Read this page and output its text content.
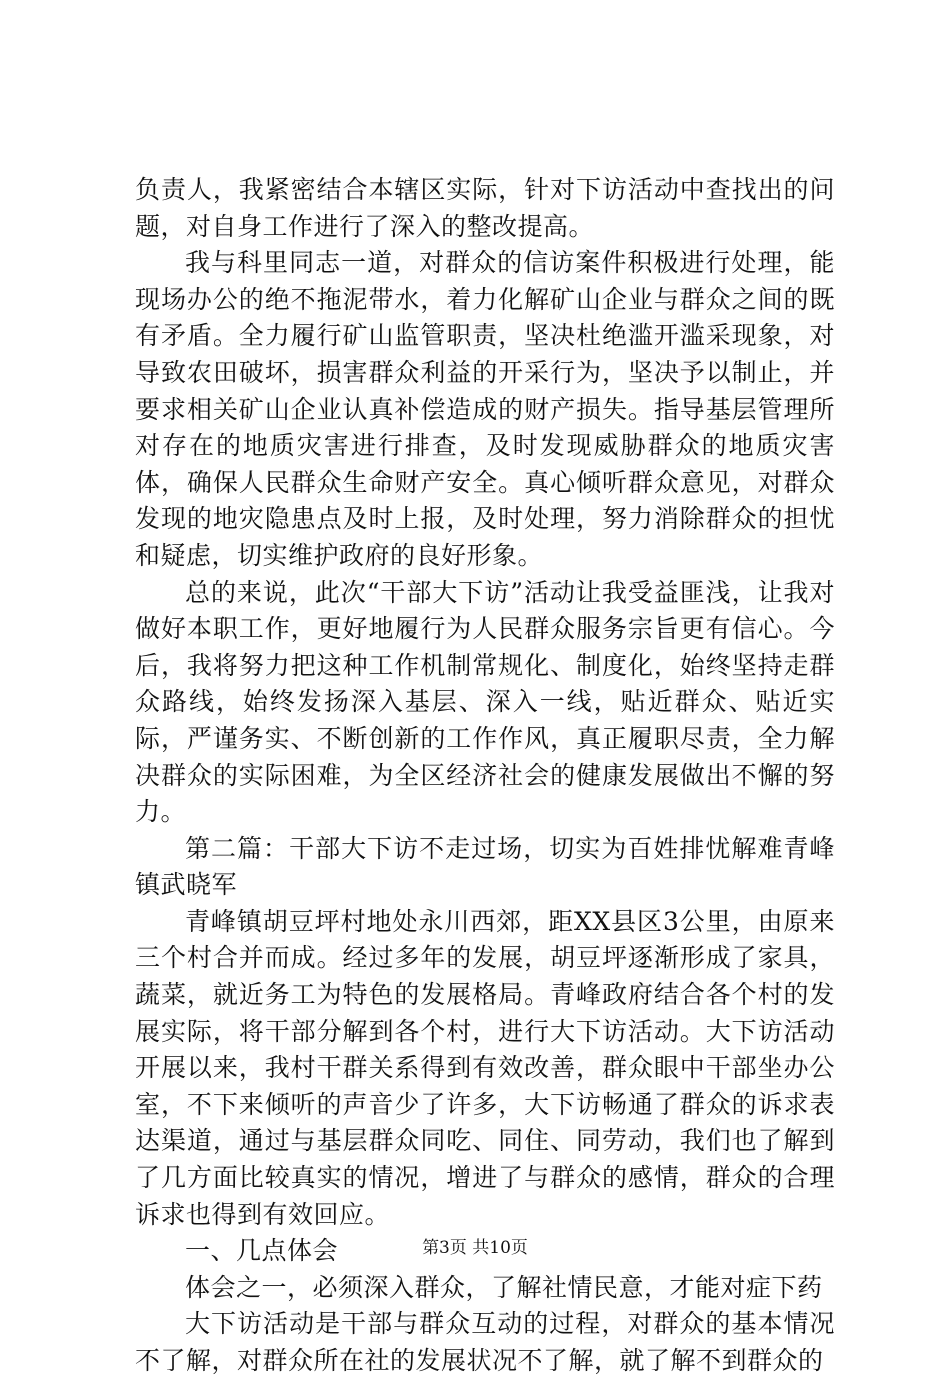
负责人，我紧密结合本辖区实际，针对下访活动中查找出的问题，对自身工作进行了深入的整改提高。

我与科里同志一道，对群众的信访案件积极进行处理，能现场办公的绝不拖泥带水，着力化解矿山企业与群众之间的既有矛盾。全力履行矿山监管职责，坚决杜绝滥开滥采现象，对导致农田破坏，损害群众利益的开采行为，坚决予以制止，并要求相关矿山企业认真补偿造成的财产损失。指导基层管理所对存在的地质灾害进行排查，及时发现威胁群众的地质灾害体，确保人民群众生命财产安全。真心倾听群众意见，对群众发现的地灾隐患点及时上报，及时处理，努力消除群众的担忧和疑虑，切实维护政府的良好形象。

总的来说，此次“干部大下访”活动让我受益匪浅，让我对做好本职工作，更好地履行为人民群众服务宗旨更有信心。今后，我将努力把这种工作机制常规化、制度化，始终坚持走群众路线，始终发扬深入基层、深入一线，贴近群众、贴近实际，严谨务实、不断创新的工作作风，真正履职尽责，全力解决群众的实际困难，为全区经济社会的健康发展做出不懈的努力。

第二篇：干部大下访不走过场，切实为百姓排忧解难青峰镇武晓军

青峰镇胡豆坪村地处永川西郊，距XX县区3公里，由原来三个村合并而成。经过多年的发展，胡豆坪逐渐形成了家具，蔬菜，就近务工为特色的发展格局。青峰政府结合各个村的发展实际，将干部分解到各个村，进行大下访活动。大下访活动开展以来，我村干群关系得到有效改善，群众眼中干部坐办公室，不下来倾听的声音少了许多，大下访畅通了群众的诉求表达渠道，通过与基层群众同吃、同住、同劳动，我们也了解到了几方面比较真实的情况，增进了与群众的感情，群众的合理诉求也得到有效回应。

一、几点体会

体会之一，必须深入群众，了解社情民意，才能对症下药

大下访活动是干部与群众互动的过程，对群众的基本情况不了解，对群众所在社的发展状况不了解，就了解不到群众的

第3页 共10页
